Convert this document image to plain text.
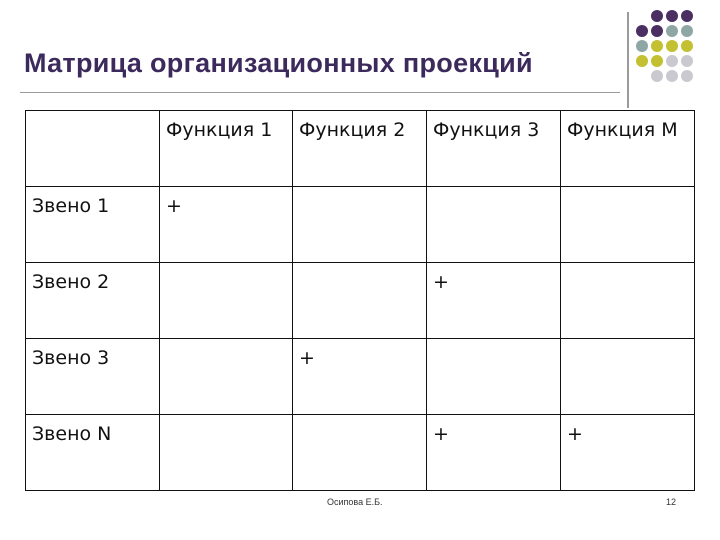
Матрица организационных проекций

	Функция 1	Функция 2	Функция 3	Функция М

Звено 1	+			

Звено 2			+	

Звено 3		+		

Звено N			+	+
Осипова Е.Б.	12
